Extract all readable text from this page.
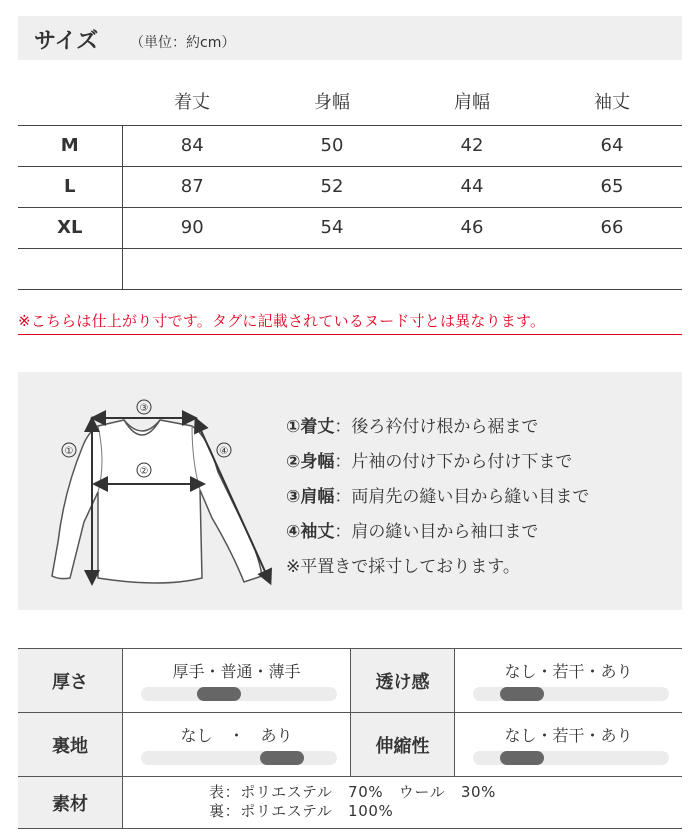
サイズ （単位：約cm）
	着丈	身幅	肩幅	袖丈
M	84	50	42	64
L	87	52	44	65
XL	90	54	46	66

※こちらは仕上がり寸です。タグに記載されているヌード寸とは異なります。
③
②
①	④
①着丈：後ろ衿付け根から裾まで
②身幅：片袖の付け下から付け下まで
③肩幅：両肩先の縫い目から縫い目まで
④袖丈：肩の縫い目から袖口まで
※平置きで採寸しております。
厚さ	厚手・普通・薄手	透け感	なし・若干・あり
裏地	なし　・　あり	伸縮性	なし・若干・あり
素材
表：ポリエステル　70%　ウール　30%
裏：ポリエステル　100%
